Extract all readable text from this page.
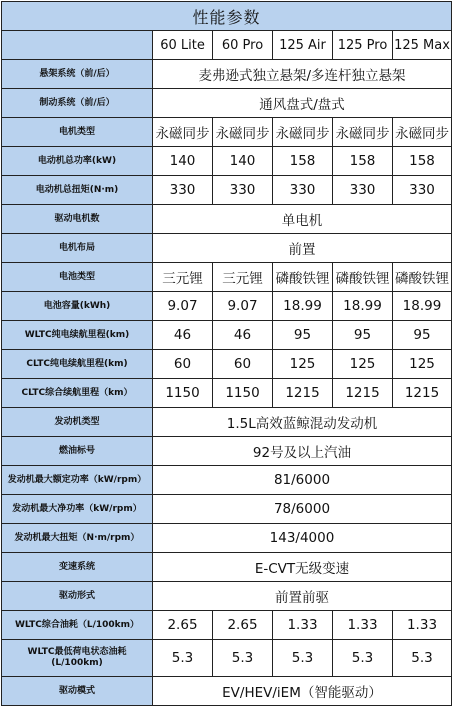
性能参数					
	60 Lite	60 Pro	125 Air	125 Pro	125 Max
悬架系统（前/后）	麦弗逊式独立悬架/多连杆独立悬架				
制动系统（前/后）	通风盘式/盘式				
电机类型	永磁同步	永磁同步	永磁同步	永磁同步	永磁同步
电动机总功率(kW)	140	140	158	158	158
电动机总扭矩(N·m)	330	330	330	330	330
驱动电机数	单电机				
电机布局	前置				
电池类型	三元锂	三元锂	磷酸铁锂	磷酸铁锂	磷酸铁锂
电池容量(kWh)	9.07	9.07	18.99	18.99	18.99
WLTC纯电续航里程(km)	46	46	95	95	95
CLTC纯电续航里程(km)	60	60	125	125	125
CLTC综合续航里程（km）	1150	1150	1215	1215	1215
发动机类型	1.5L高效蓝鲸混动发动机				
燃油标号	92号及以上汽油				
发动机最大额定功率（kW/rpm）	81/6000				
发动机最大净功率（kW/rpm）	78/6000				
发动机最大扭矩（N·m/rpm）	143/4000				
变速系统	E-CVT无级变速				
驱动形式	前置前驱				
WLTC综合油耗（L/100km）	2.65	2.65	1.33	1.33	1.33
WLTC最低荷电状态油耗
(L/100km)	5.3	5.3	5.3	5.3	5.3
驱动模式	EV/HEV/iEM（智能驱动）				
